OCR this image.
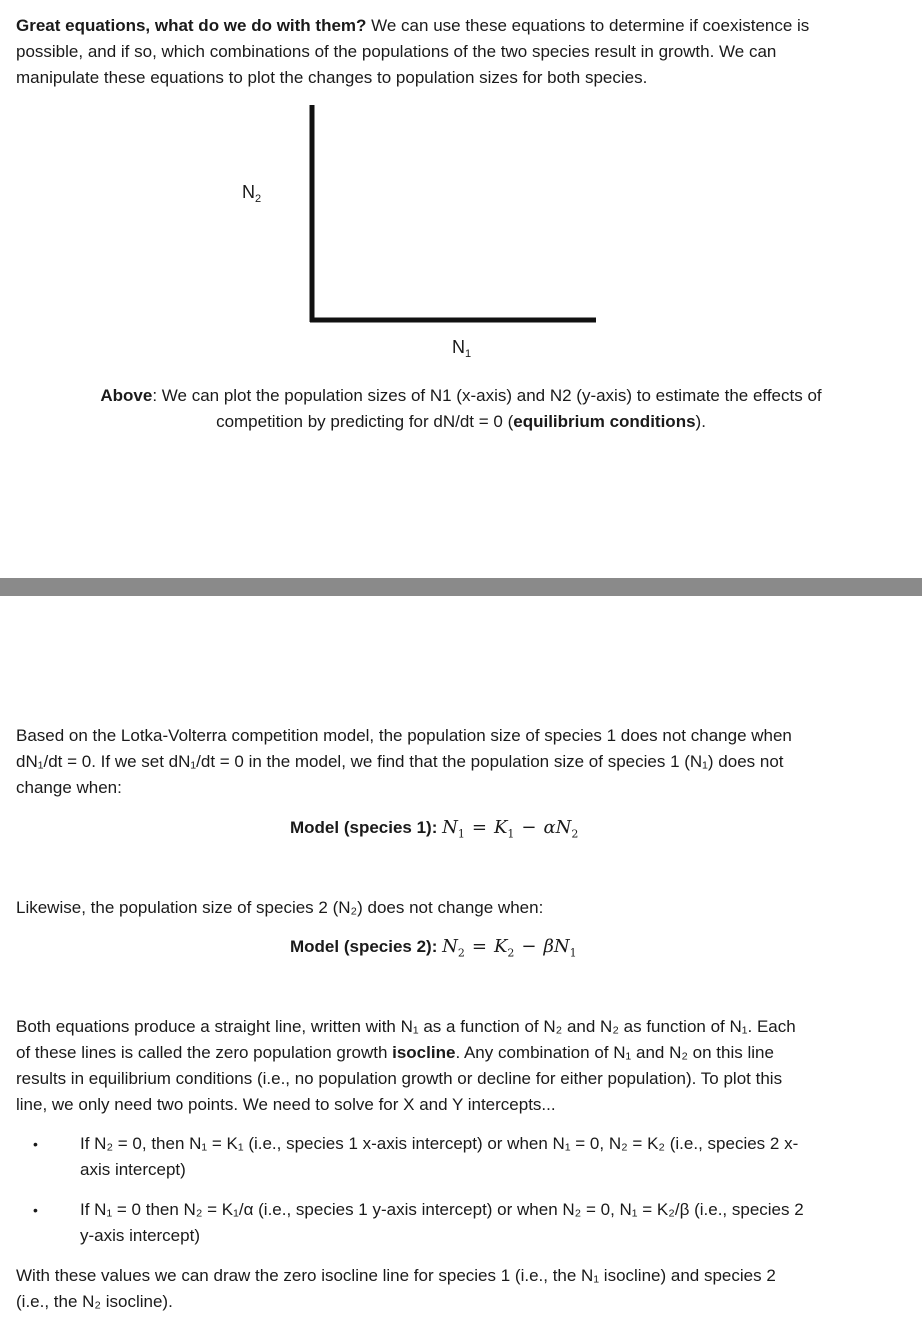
Great equations, what do we do with them? We can use these equations to determine if coexistence is
possible, and if so, which combinations of the populations of the two species result in growth. We can
manipulate these equations to plot the changes to population sizes for both species.
$N_2$
$N_1$
Above: We can plot the population sizes of N1 (x-axis) and N2 (y-axis) to estimate the effects of
competition by predicting for dN/dt = 0 (equilibrium conditions).
Based on the Lotka-Volterra competition model, the population size of species 1 does not change when
dN₁/dt = 0. If we set dN₁/dt = 0 in the model, we find that the population size of species 1 (N₁) does not
change when:
Model (species 1): $N_1 = K_1 - \alpha N_2$
Likewise, the population size of species 2 (N₂) does not change when:
Model (species 2): $N_2 = K_2 - \beta N_1$
Both equations produce a straight line, written with N₁ as a function of N₂ and N₂ as function of N₁. Each
of these lines is called the zero population growth isocline. Any combination of N₁ and N₂ on this line
results in equilibrium conditions (i.e., no population growth or decline for either population). To plot this
line, we only need two points. We need to solve for X and Y intercepts...
• If N₂ = 0, then N₁ = K₁ (i.e., species 1 x-axis intercept) or when N₁ = 0, N₂ = K₂ (i.e., species 2 x-
axis intercept)
• If N₁ = 0 then N₂ = K₁/α (i.e., species 1 y-axis intercept) or when N₂ = 0, N₁ = K₂/β (i.e., species 2
y-axis intercept)
With these values we can draw the zero isocline line for species 1 (i.e., the N₁ isocline) and species 2
(i.e., the N₂ isocline).
